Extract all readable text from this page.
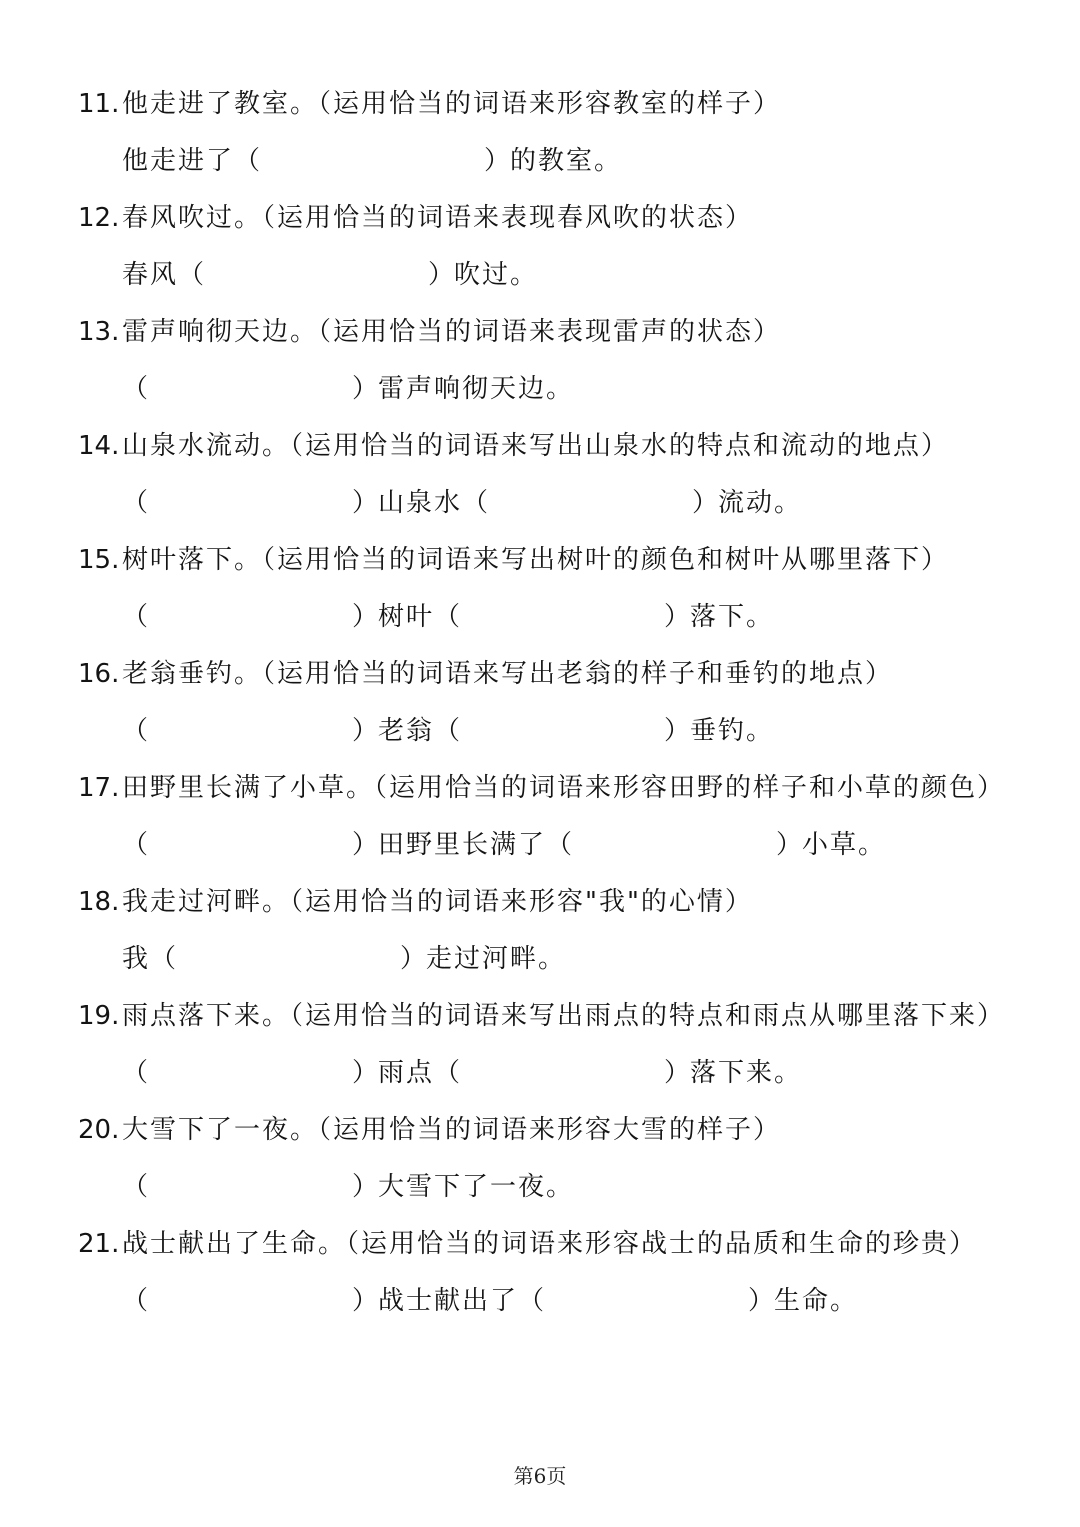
11. 他走进了教室。（运用恰当的词语来形容教室的样子）
他走进了（	）的教室。
12. 春风吹过。（运用恰当的词语来表现春风吹的状态）
春风（	）吹过。
13. 雷声响彻天边。（运用恰当的词语来表现雷声的状态）
（	）雷声响彻天边。
14. 山泉水流动。（运用恰当的词语来写出山泉水的特点和流动的地点）
（	）山泉水（	）流动。
15. 树叶落下。（运用恰当的词语来写出树叶的颜色和树叶从哪里落下）
（	）树叶（	）落下。
16. 老翁垂钓。（运用恰当的词语来写出老翁的样子和垂钓的地点）
（	）老翁（	）垂钓。
17. 田野里长满了小草。（运用恰当的词语来形容田野的样子和小草的颜色）
（	）田野里长满了（	）小草。
18. 我走过河畔。（运用恰当的词语来形容"我"的心情）
我（	）走过河畔。
19. 雨点落下来。（运用恰当的词语来写出雨点的特点和雨点从哪里落下来）
（	）雨点（	）落下来。
20. 大雪下了一夜。（运用恰当的词语来形容大雪的样子）
（	）大雪下了一夜。
21. 战士献出了生命。（运用恰当的词语来形容战士的品质和生命的珍贵）
（	）战士献出了（	）生命。
第6页
